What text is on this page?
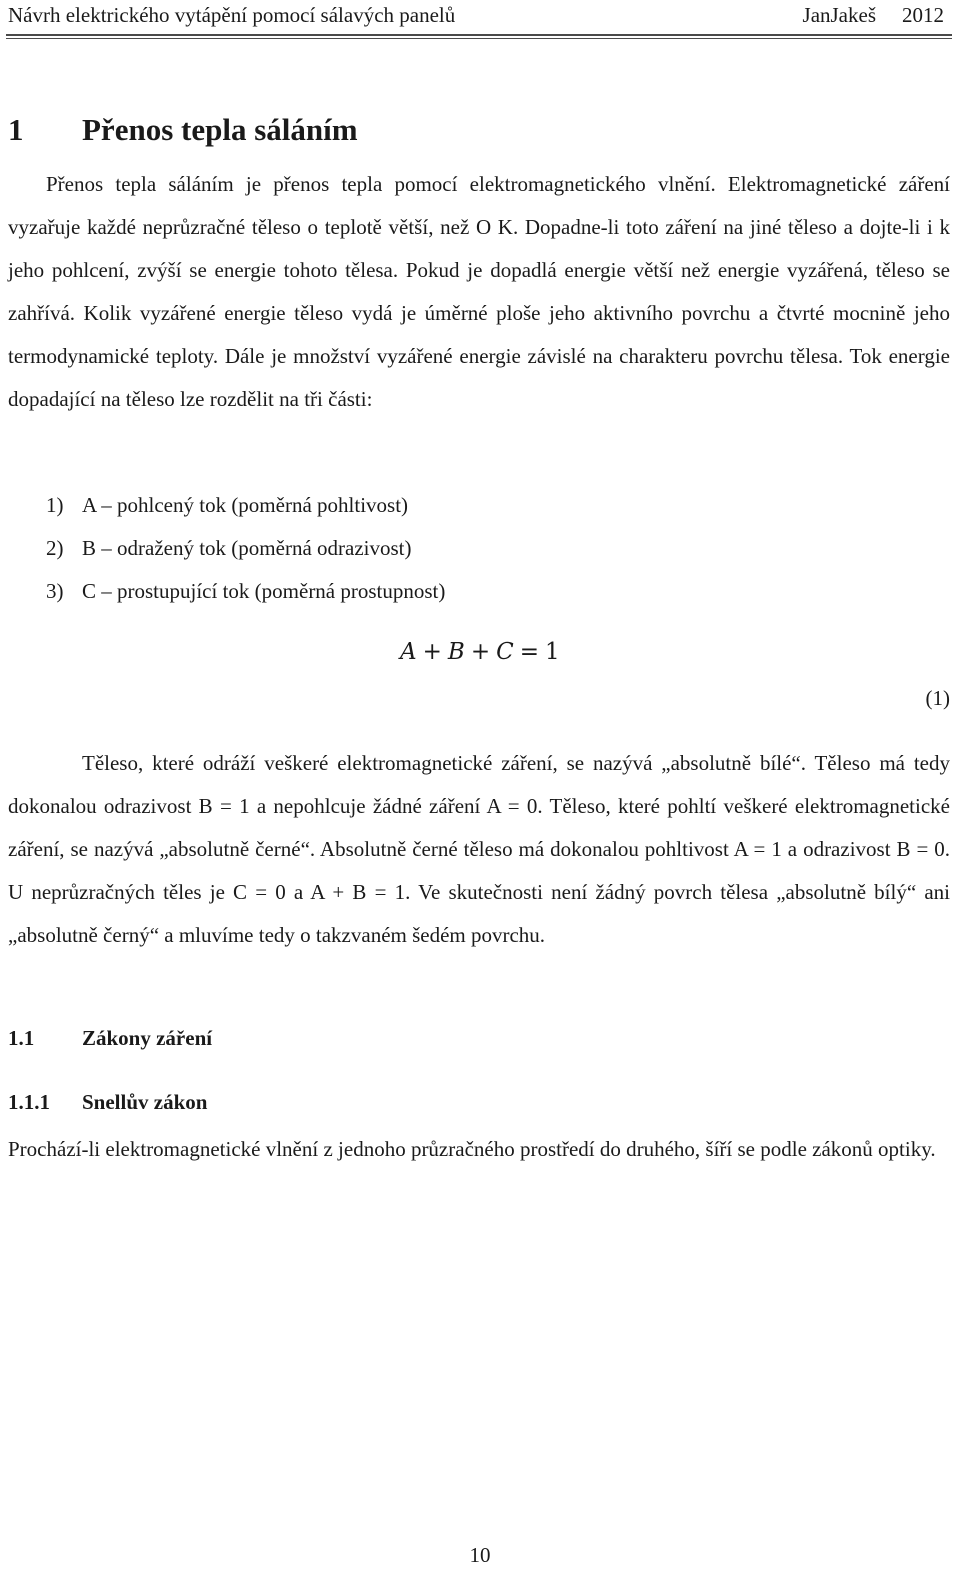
Návrh elektrického vytápění pomocí sálavých panelů	JanJakeš 2012
1 Přenos tepla sáláním

Přenos tepla sáláním je přenos tepla pomocí elektromagnetického vlnění. Elektromagnetické záření vyzařuje každé neprůzračné těleso o teplotě větší, než O K. Dopadne-li toto záření na jiné těleso a dojte-li i k jeho pohlcení, zvýší se energie tohoto tělesa. Pokud je dopadlá energie větší než energie vyzářená, těleso se zahřívá. Kolik vyzářené energie těleso vydá je úměrné ploše jeho aktivního povrchu a čtvrté mocnině jeho termodynamické teploty. Dále je množství vyzářené energie závislé na charakteru povrchu tělesa. Tok energie dopadající na těleso lze rozdělit na tři části:

1) A – pohlcený tok (poměrná pohltivost)
2) B – odražený tok (poměrná odrazivost)
3) C – prostupující tok (poměrná prostupnost)
A + B + C = 1
(1)

Těleso, které odráží veškeré elektromagnetické záření, se nazývá „absolutně bílé“. Těleso má tedy dokonalou odrazivost B = 1 a nepohlcuje žádné záření A = 0. Těleso, které pohltí veškeré elektromagnetické záření, se nazývá „absolutně černé“. Absolutně černé těleso má dokonalou pohltivost A = 1 a odrazivost B = 0. U neprůzračných těles je C = 0 a A + B = 1. Ve skutečnosti není žádný povrch tělesa „absolutně bílý“ ani „absolutně černý“ a mluvíme tedy o takzvaném šedém povrchu.

1.1 Zákony záření
1.1.1 Snellův zákon

Prochází-li elektromagnetické vlnění z jednoho průzračného prostředí do druhého, šíří se podle zákonů optiky.

10
